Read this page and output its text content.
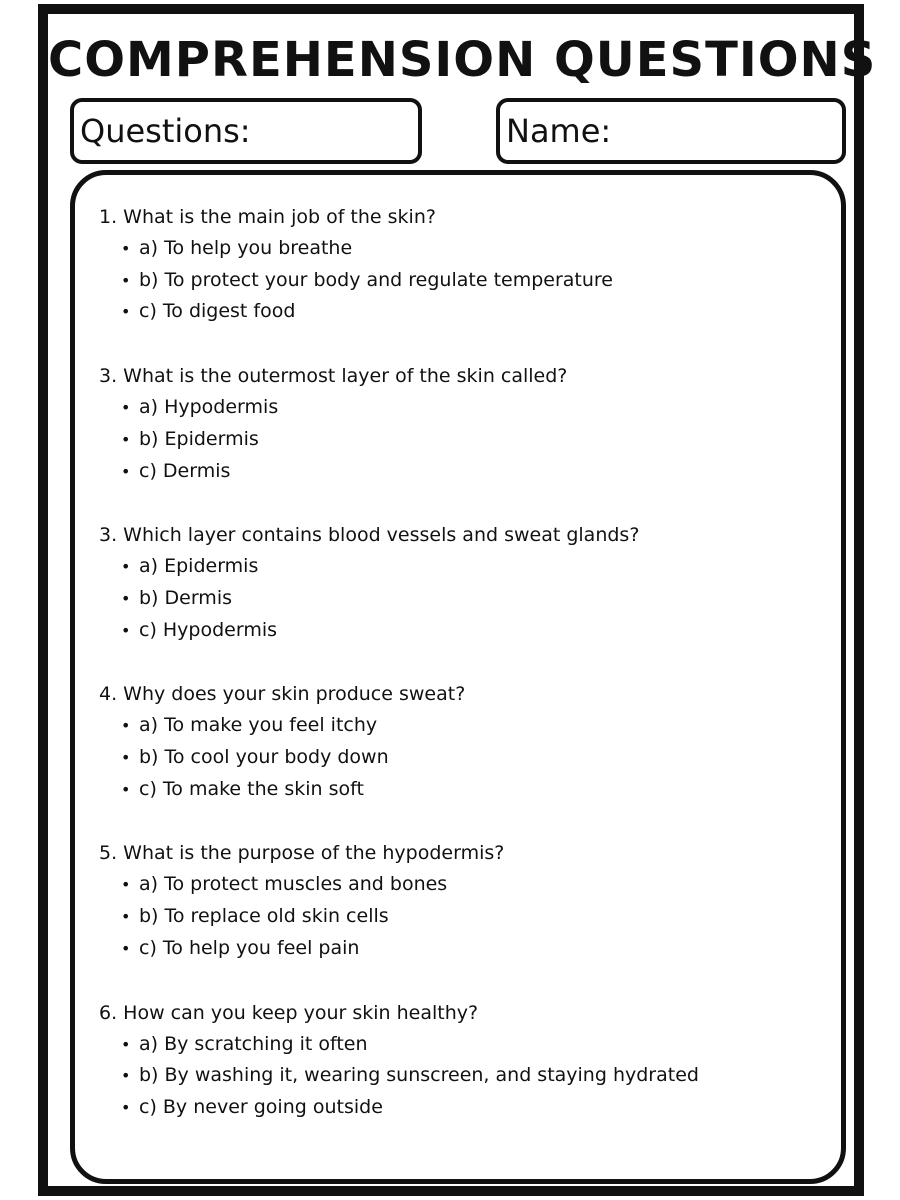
COMPREHENSION QUESTIONS
Questions:	Name:
1. What is the main job of the skin?
• a) To help you breathe
• b) To protect your body and regulate temperature
• c) To digest food
3. What is the outermost layer of the skin called?
• a) Hypodermis
• b) Epidermis
• c) Dermis
3. Which layer contains blood vessels and sweat glands?
• a) Epidermis
• b) Dermis
• c) Hypodermis
4. Why does your skin produce sweat?
• a) To make you feel itchy
• b) To cool your body down
• c) To make the skin soft
5. What is the purpose of the hypodermis?
• a) To protect muscles and bones
• b) To replace old skin cells
• c) To help you feel pain
6. How can you keep your skin healthy?
• a) By scratching it often
• b) By washing it, wearing sunscreen, and staying hydrated
• c) By never going outside
